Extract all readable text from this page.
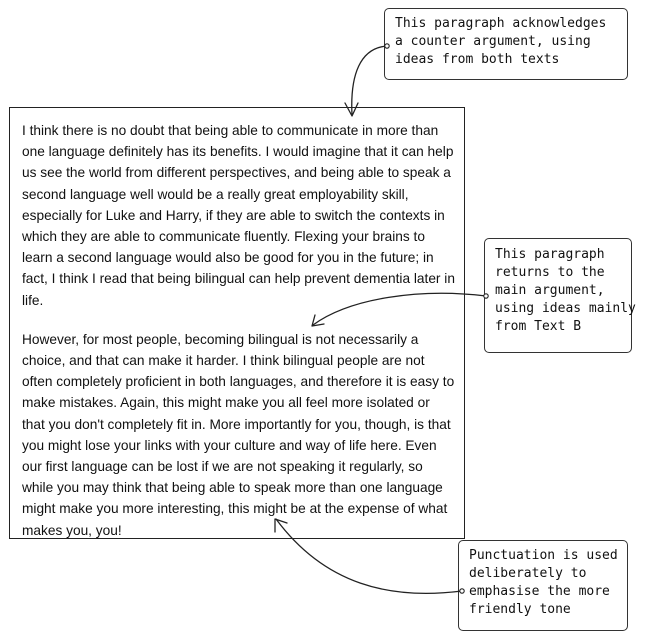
I think there is no doubt that being able to communicate in more than one language definitely has its benefits. I would imagine that it can help us see the world from different perspectives, and being able to speak a second language well would be a really great employability skill, especially for Luke and Harry, if they are able to switch the contexts in which they are able to communicate fluently. Flexing your brains to learn a second language would also be good for you in the future; in fact, I think I read that being bilingual can help prevent dementia later in life.

However, for most people, becoming bilingual is not necessarily a choice, and that can make it harder. I think bilingual people are not often completely proficient in both languages, and therefore it is easy to make mistakes. Again, this might make you all feel more isolated or that you don't completely fit in. More importantly for you, though, is that you might lose your links with your culture and way of life here. Even our first language can be lost if we are not speaking it regularly, so while you may think that being able to speak more than one language might make you more interesting, this might be at the expense of what makes you, you!

This paragraph acknowledges
a counter argument, using
ideas from both texts
This paragraph
returns to the
main argument,
using ideas mainly
from Text B
Punctuation is used
deliberately to
emphasise the more
friendly tone
